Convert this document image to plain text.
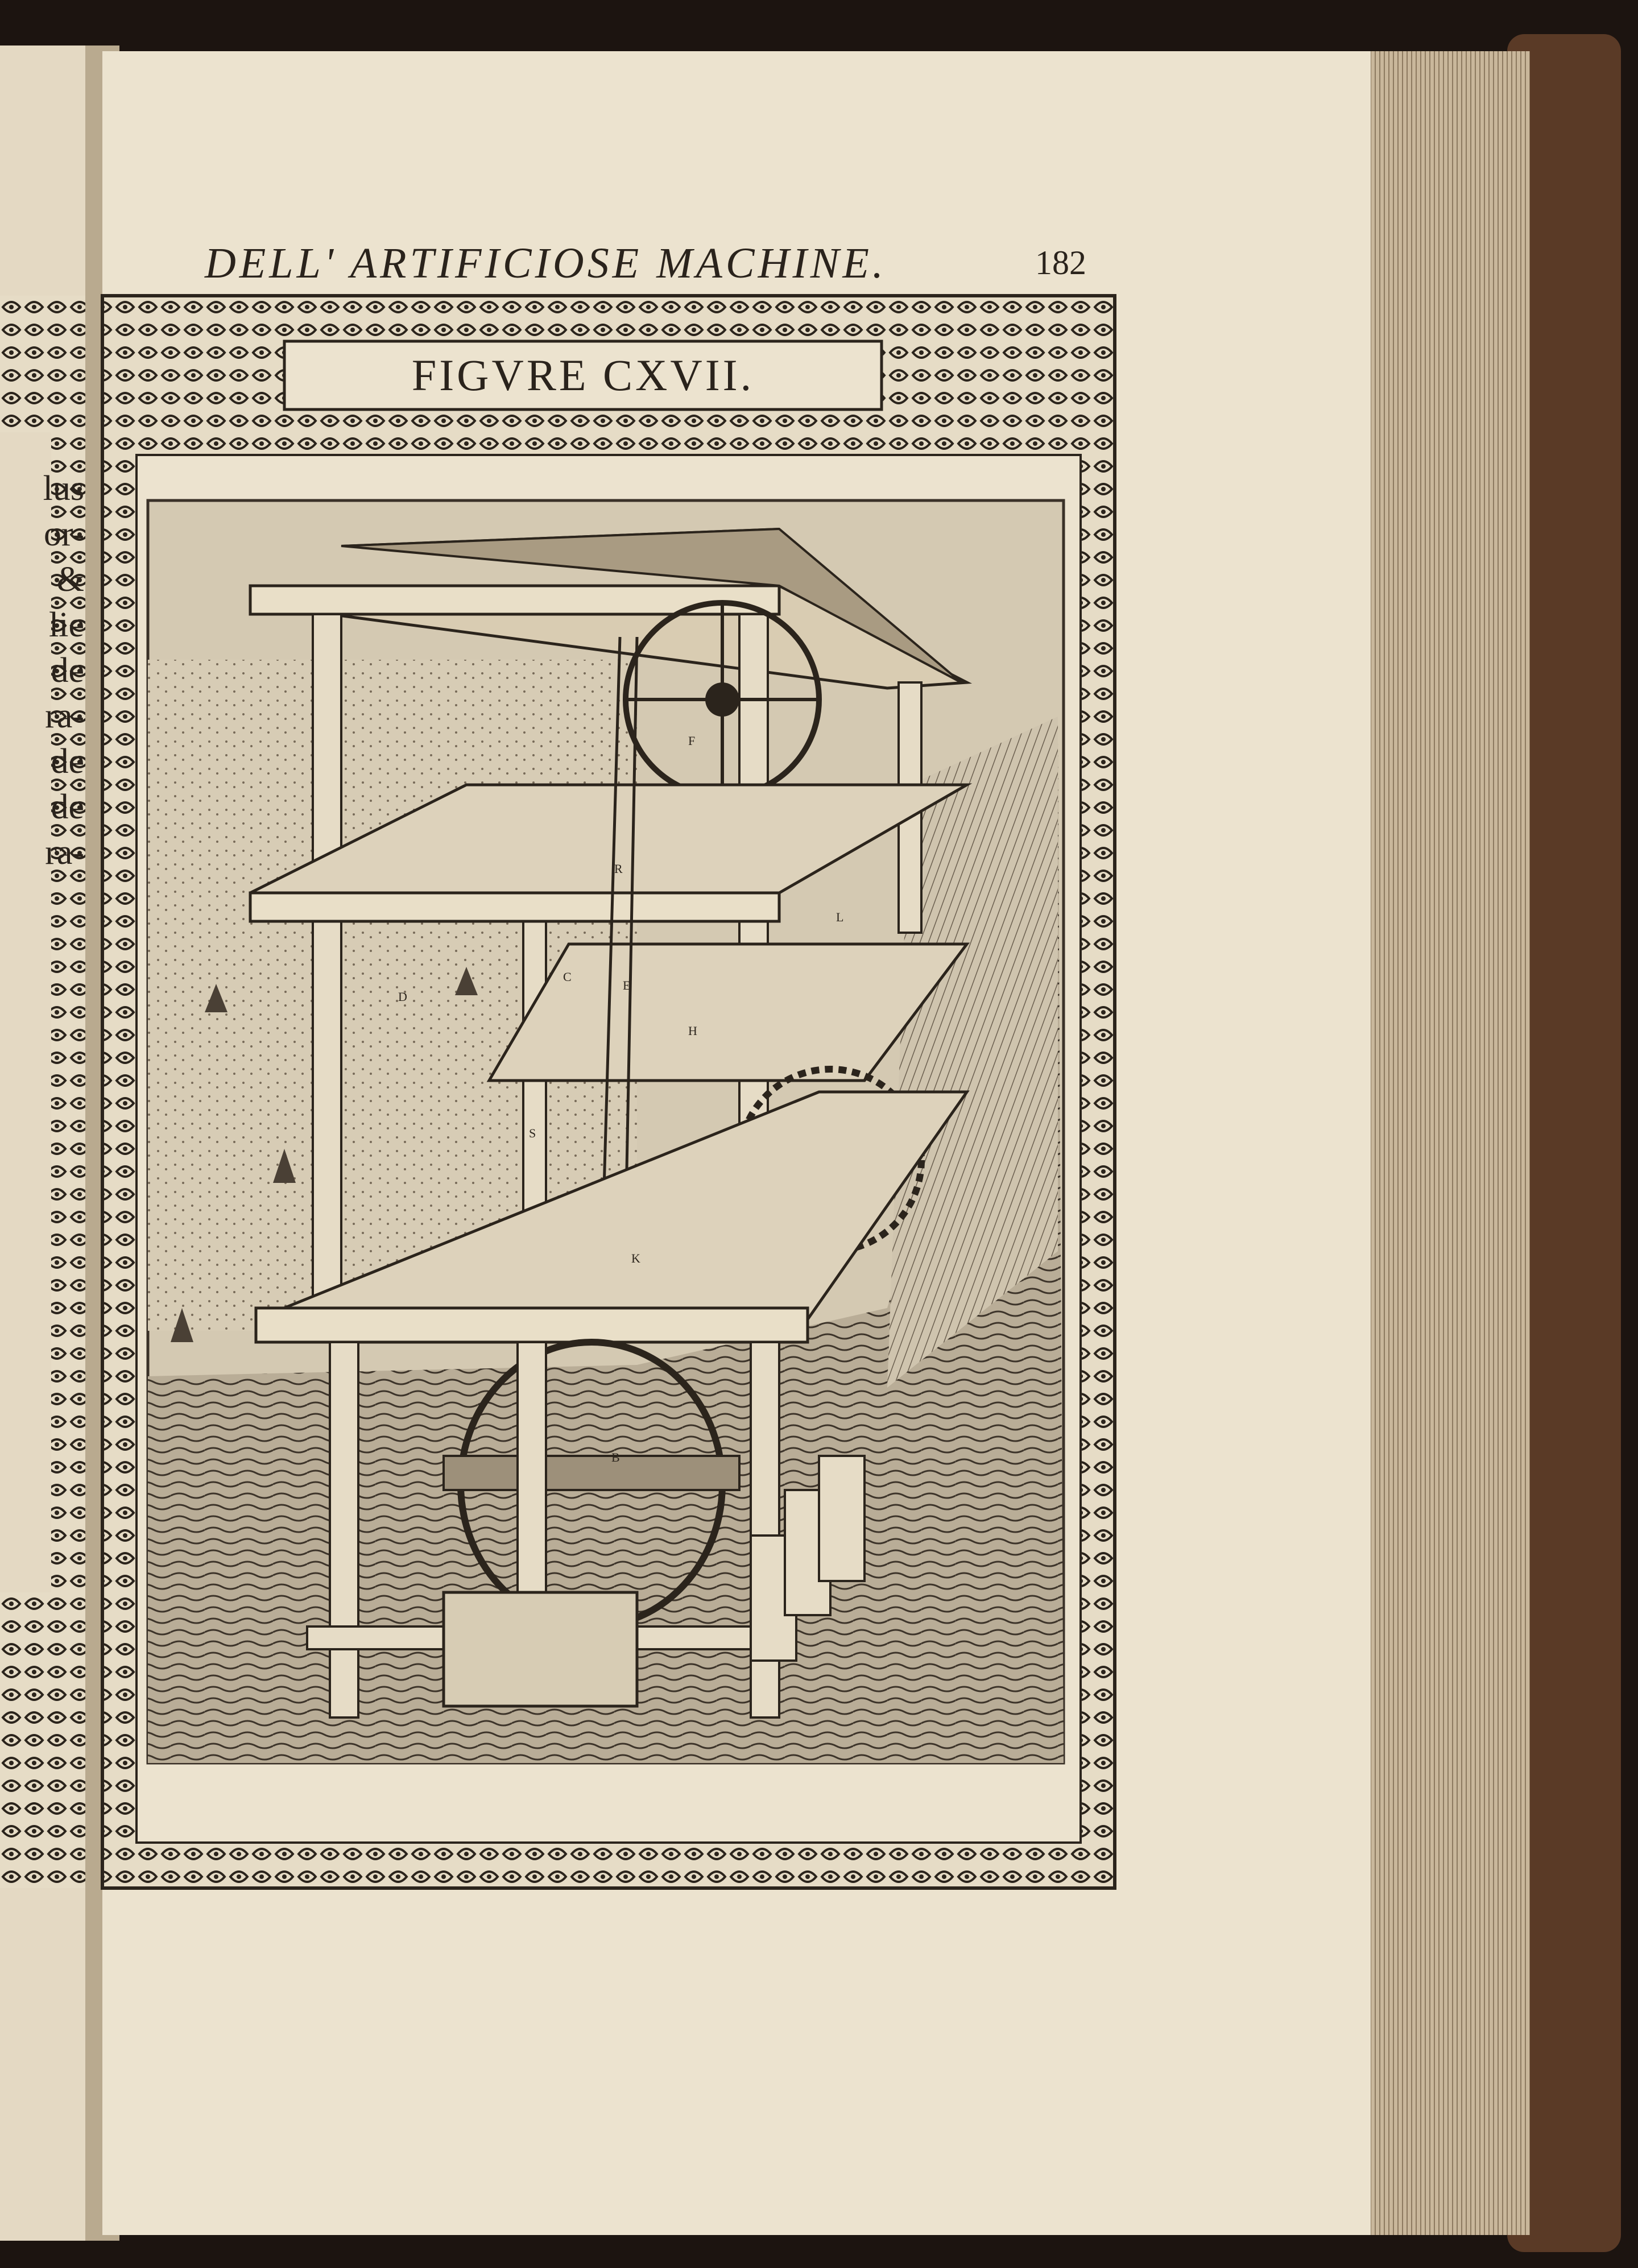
F
L
R
D
C
E
H
S
K
B
DELL' ARTIFICIOSE MACHINE.	182
FIGVRE CXVII.
lus
or-
&
lie
de
ra-
de
de
ra-
